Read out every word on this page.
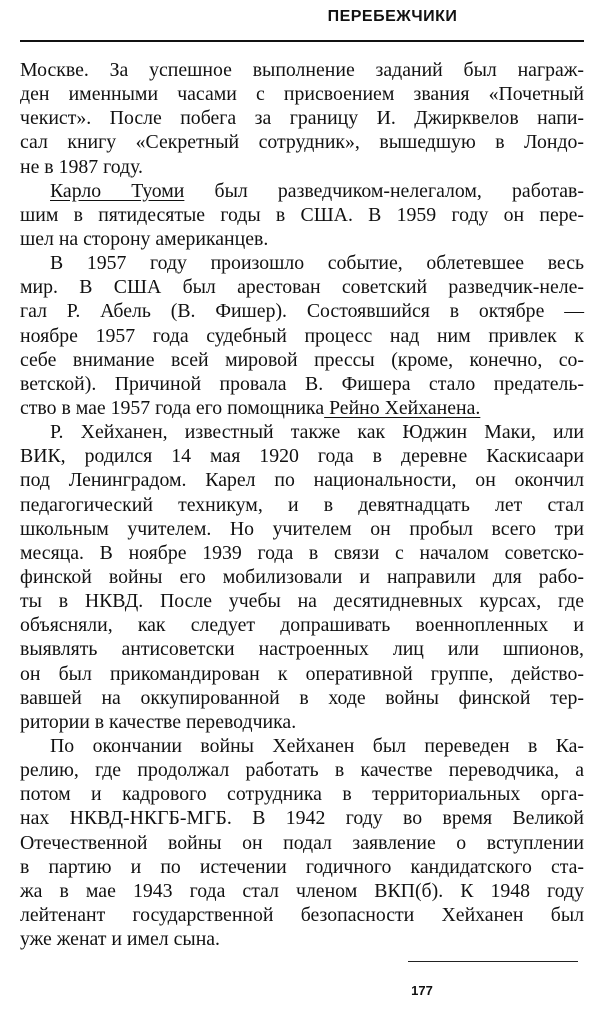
ПЕРЕБЕЖЧИКИ
Москве. За успешное выполнение заданий был награж-
ден именными часами с присвоением звания «Почетный
чекист». После побега за границу И. Джирквелов напи-
сал книгу «Секретный сотрудник», вышедшую в Лондо-
не в 1987 году.
Карло Туоми был разведчиком-нелегалом, работав-
шим в пятидесятые годы в США. В 1959 году он пере-
шел на сторону американцев.
В 1957 году произошло событие, облетевшее весь
мир. В США был арестован советский разведчик-неле-
гал Р. Абель (В. Фишер). Состоявшийся в октябре —
ноябре 1957 года судебный процесс над ним привлек к
себе внимание всей мировой прессы (кроме, конечно, со-
ветской). Причиной провала В. Фишера стало предатель-
ство в мае 1957 года его помощника Рейно Хейханена.
Р. Хейханен, известный также как Юджин Маки, или
ВИК, родился 14 мая 1920 года в деревне Каскисаари
под Ленинградом. Карел по национальности, он окончил
педагогический техникум, и в девятнадцать лет стал
школьным учителем. Но учителем он пробыл всего три
месяца. В ноябре 1939 года в связи с началом советско-
финской войны его мобилизовали и направили для рабо-
ты в НКВД. После учебы на десятидневных курсах, где
объясняли, как следует допрашивать военнопленных и
выявлять антисоветски настроенных лиц или шпионов,
он был прикомандирован к оперативной группе, действо-
вавшей на оккупированной в ходе войны финской тер-
ритории в качестве переводчика.
По окончании войны Хейханен был переведен в Ка-
релию, где продолжал работать в качестве переводчика, а
потом и кадрового сотрудника в территориальных орга-
нах НКВД-НКГБ-МГБ. В 1942 году во время Великой
Отечественной войны он подал заявление о вступлении
в партию и по истечении годичного кандидатского ста-
жа в мае 1943 года стал членом ВКП(б). К 1948 году
лейтенант государственной безопасности Хейханен был
уже женат и имел сына.
177
